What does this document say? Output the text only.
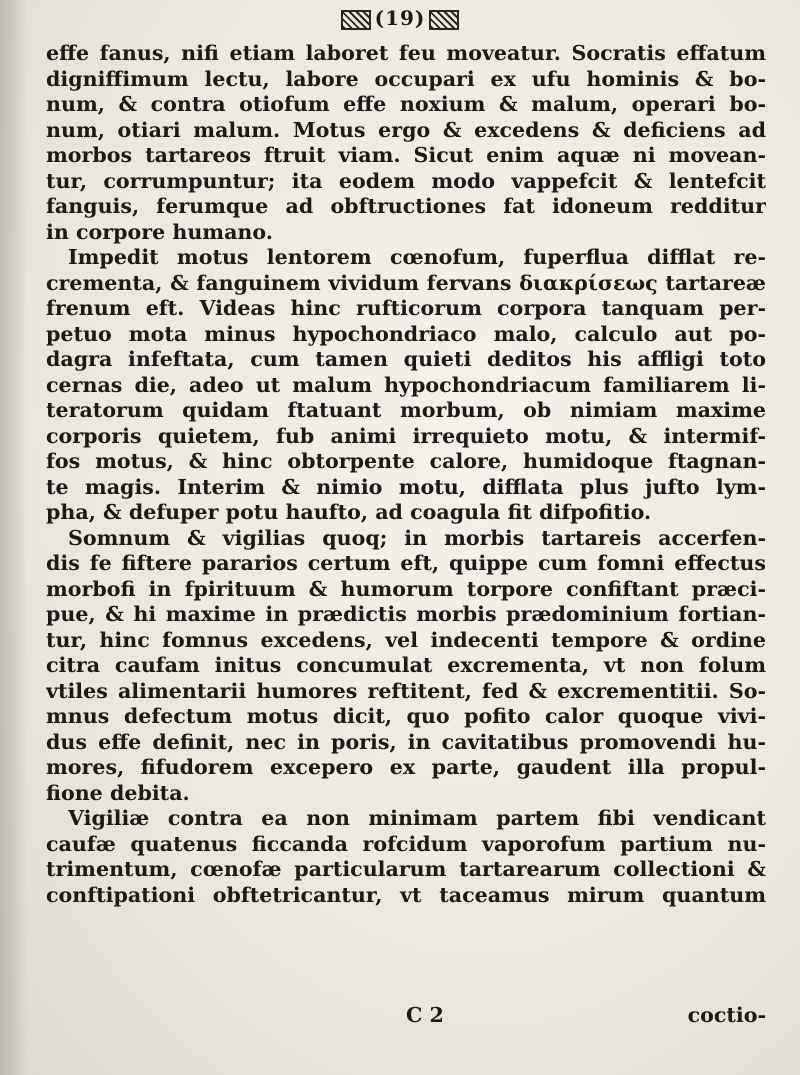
(19)
effe fanus, nifi etiam laboret feu moveatur. Socratis effatum
digniffimum lectu, labore occupari ex ufu hominis & bo-
num, & contra otiofum effe noxium & malum, operari bo-
num, otiari malum. Motus ergo & excedens & deficiens ad
morbos tartareos ftruit viam. Sicut enim aquæ ni movean-
tur, corrumpuntur; ita eodem modo vappefcit & lentefcit
fanguis, ferumque ad obftructiones fat idoneum redditur
in corpore humano.
Impedit motus lentorem cœnofum, fuperflua difflat re-
crementa, & fanguinem vividum fervans διακρίσεως tartareæ
frenum eft. Videas hinc rufticorum corpora tanquam per-
petuo mota minus hypochondriaco malo, calculo aut po-
dagra infeftata, cum tamen quieti deditos his affligi toto
cernas die, adeo ut malum hypochondriacum familiarem li-
teratorum quidam ftatuant morbum, ob nimiam maxime
corporis quietem, fub animi irrequieto motu, & intermif-
fos motus, & hinc obtorpente calore, humidoque ftagnan-
te magis. Interim & nimio motu, difflata plus jufto lym-
pha, & defuper potu haufto, ad coagula fit difpofitio.
Somnum & vigilias quoq; in morbis tartareis accerfen-
dis fe fiftere pararios certum eft, quippe cum fomni effectus
morbofi in fpirituum & humorum torpore confiftant præci-
pue, & hi maxime in prædictis morbis prædominium fortian-
tur, hinc fomnus excedens, vel indecenti tempore & ordine
citra caufam initus concumulat excrementa, vt non folum
vtiles alimentarii humores reftitent, fed & excrementitii. So-
mnus defectum motus dicit, quo pofito calor quoque vivi-
dus effe definit, nec in poris, in cavitatibus promovendi hu-
mores, fifudorem excepero ex parte, gaudent illa propul-
fione debita.
Vigiliæ contra ea non minimam partem fibi vendicant
caufæ quatenus ficcanda rofcidum vaporofum partium nu-
trimentum, cœnofæ particularum tartarearum collectioni &
conftipationi obftetricantur, vt taceamus mirum quantum
C 2	coctio-
